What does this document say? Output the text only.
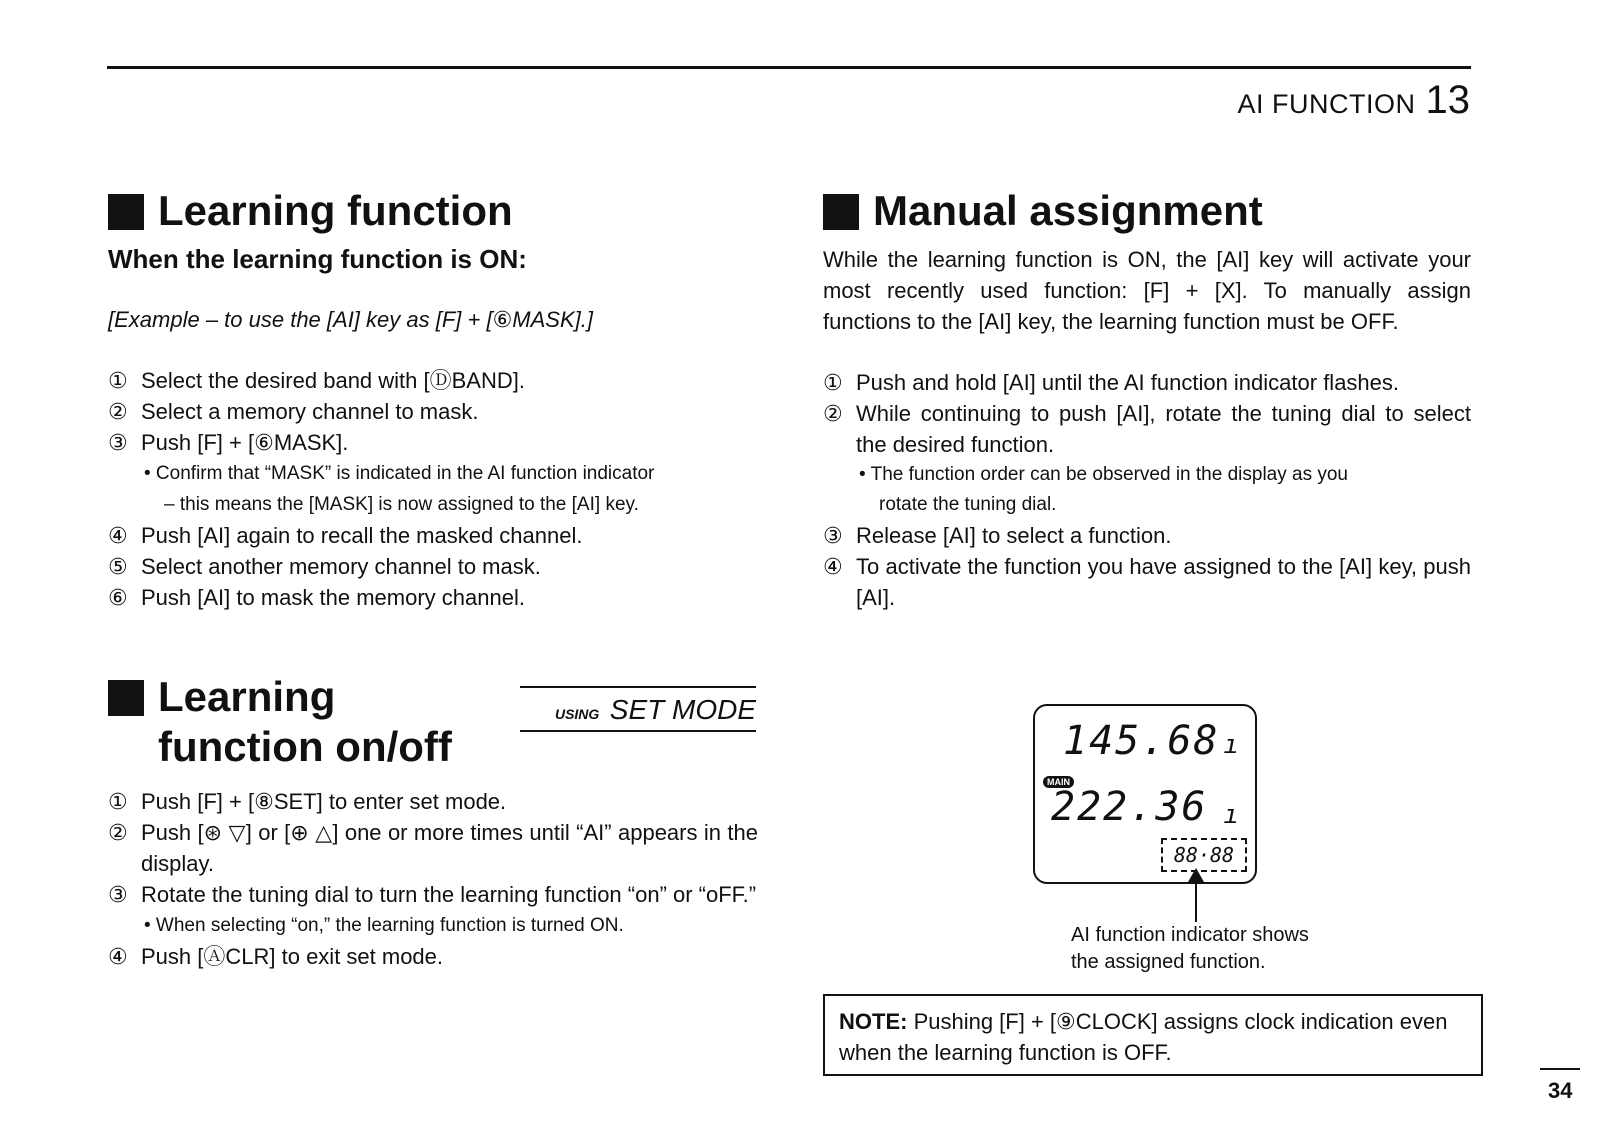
AI FUNCTION 13
Learning function
When the learning function is ON:
[Example – to use the [AI] key as [F] + [⑥MASK].]
① Select the desired band with [ⒹBAND].
② Select a memory channel to mask.
③ Push [F] + [⑥MASK].
• Confirm that “MASK” is indicated in the AI function indicator
– this means the [MASK] is now assigned to the [AI] key.
④ Push [AI] again to recall the masked channel.
⑤ Select another memory channel to mask.
⑥ Push [AI] to mask the memory channel.
USING SET MODE
Learning
function on/off
① Push [F] + [⑧SET] to enter set mode.
② Push [⊛ ▽] or [⊕ △] one or more times until “AI” appears in the display.
③ Rotate the tuning dial to turn the learning function “on” or “oFF.”
• When selecting “on,” the learning function is turned ON.
④ Push [ⒶCLR] to exit set mode.
Manual assignment
While the learning function is ON, the [AI] key will activate your most recently used function: [F] + [X]. To manually assign functions to the [AI] key, the learning function must be OFF.
① Push and hold [AI] until the AI function indicator flashes.
② While continuing to push [AI], rotate the tuning dial to select the desired function.
• The function order can be observed in the display as you
rotate the tuning dial.
③ Release [AI] to select a function.
④ To activate the function you have assigned to the [AI] key, push [AI].
145.68 ı
MAIN
222.36 ı
88·88
AI function indicator shows
the assigned function.
NOTE: Pushing [F] + [⑨CLOCK] assigns clock indication even when the learning function is OFF.
34
